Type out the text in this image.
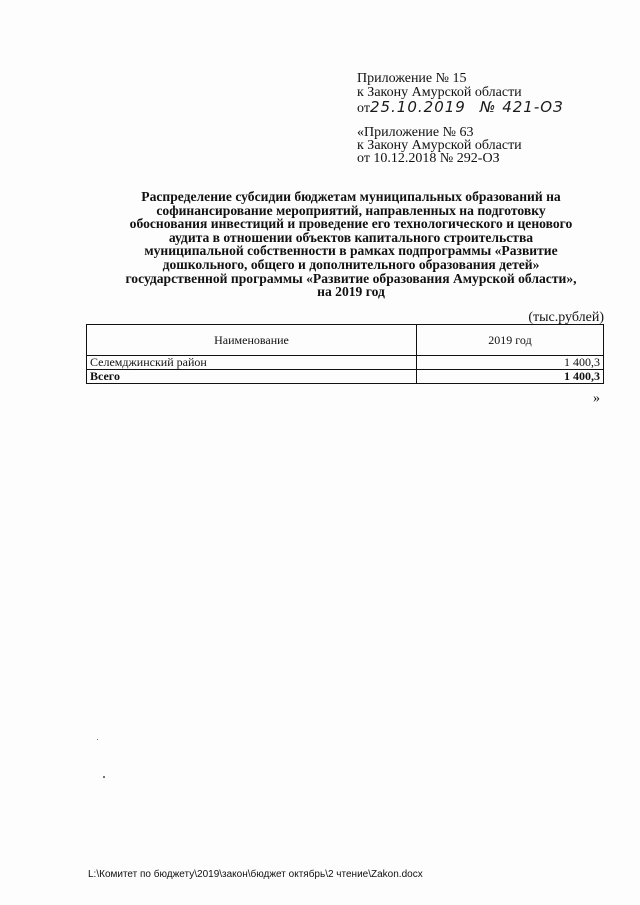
Приложение № 15
к Закону Амурской области
от25.10.2019 № 421-ОЗ
«Приложение № 63
к Закону Амурской области
от 10.12.2018 № 292-ОЗ
Распределение субсидии бюджетам муниципальных образований на
софинансирование мероприятий, направленных на подготовку
обоснования инвестиций и проведение его технологического и ценового
аудита в отношении объектов капитального строительства
муниципальной собственности в рамках подпрограммы «Развитие
дошкольного, общего и дополнительного образования детей»
государственной программы «Развитие образования Амурской области»,
на 2019 год
(тыс.рублей)
Наименование	2019 год
Селемджинский район	1 400,3
Всего	1 400,3
»
L:\Комитет по бюджету\2019\закон\бюджет октябрь\2 чтение\Zakon.docx
